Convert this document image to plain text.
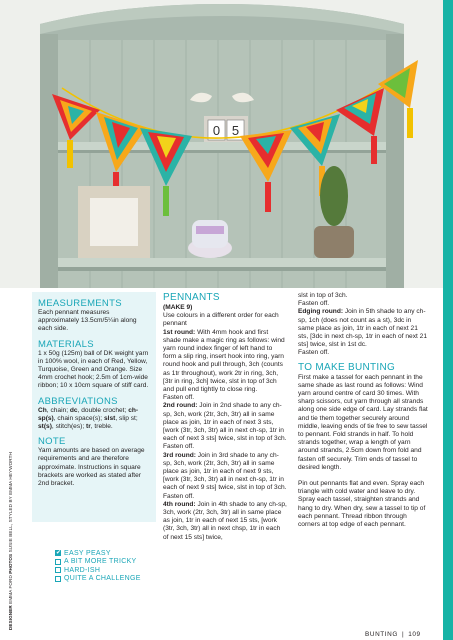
0 5
DESIGNER EMMA FORD PHOTOS SUSIE BELL, STYLED BY EMMA HEYWORTH
MEASUREMENTS
Each pennant measures approximately 13.5cm/5¼in along each side.
MATERIALS
1 x 50g (125m) ball of DK weight yarn in 100% wool, in each of Red, Yellow, Turquoise, Green and Orange. Size 4mm crochet hook; 2.5m of 1cm-wide ribbon; 10 x 10cm square of stiff card.
ABBREVIATIONS
Ch, chain; dc, double crochet; ch-sp(s), chain space(s); slst, slip st; st(s), stitch(es); tr, treble.
NOTE
Yarn amounts are based on average requirements and are therefore approximate. Instructions in square brackets are worked as stated after 2nd bracket.
✔
EASY PEASY
A BIT MORE TRICKY
HARD-ISH
QUITE A CHALLENGE
PENNANTS

(MAKE 9)

Use colours in a different order for each pennant

1st round: With 4mm hook and first shade make a magic ring as follows: wind yarn round index finger of left hand to form a slip ring, insert hook into ring, yarn round hook and pull through, 3ch (counts as 1tr throughout), work 2tr in ring, 3ch, [3tr in ring, 3ch] twice, slst in top of 3ch and pull end tightly to close ring.

Fasten off.

2nd round: Join in 2nd shade to any ch-sp, 3ch, work (2tr, 3ch, 3tr) all in same place as join, 1tr in each of next 3 sts, [work (3tr, 3ch, 3tr) all in next ch-sp, 1tr in each of next 3 sts] twice, slst in top of 3ch.

Fasten off.

3rd round: Join in 3rd shade to any ch-sp, 3ch, work (2tr, 3ch, 3tr) all in same place as join, 1tr in each of next 9 sts, [work (3tr, 3ch, 3tr) all in next ch-sp, 1tr in each of next 9 sts] twice, slst in top of 3ch.

Fasten off.

4th round: Join in 4th shade to any ch-sp, 3ch, work (2tr, 3ch, 3tr) all in same place as join, 1tr in each of next 15 sts, [work (3tr, 3ch, 3tr) all in next chsp, 1tr in each of next 15 sts] twice,

slst in top of 3ch.

Fasten off.

Edging round: Join in 5th shade to any ch-sp, 1ch (does not count as a st), 3dc in same place as join, 1tr in each of next 21 sts, [3dc in next ch-sp, 1tr in each of next 21 sts] twice, slst in 1st dc.

Fasten off.

TO MAKE BUNTING

First make a tassel for each pennant in the same shade as last round as follows: Wind yarn around centre of card 30 times. With sharp scissors, cut yarn through all strands along one side edge of card. Lay strands flat and tie them together securely around middle, leaving ends of tie free to sew tassel to pennant. Fold strands in half. To hold strands together, wrap a length of yarn around strands, 2.5cm down from fold and fasten off securely. Trim ends of tassel to desired length.

Pin out pennants flat and even. Spray each triangle with cold water and leave to dry. Spray each tassel, straighten strands and hang to dry. When dry, sew a tassel to tip of each pennant. Thread ribbon through corners at top edge of each pennant.

BUNTING | 109
